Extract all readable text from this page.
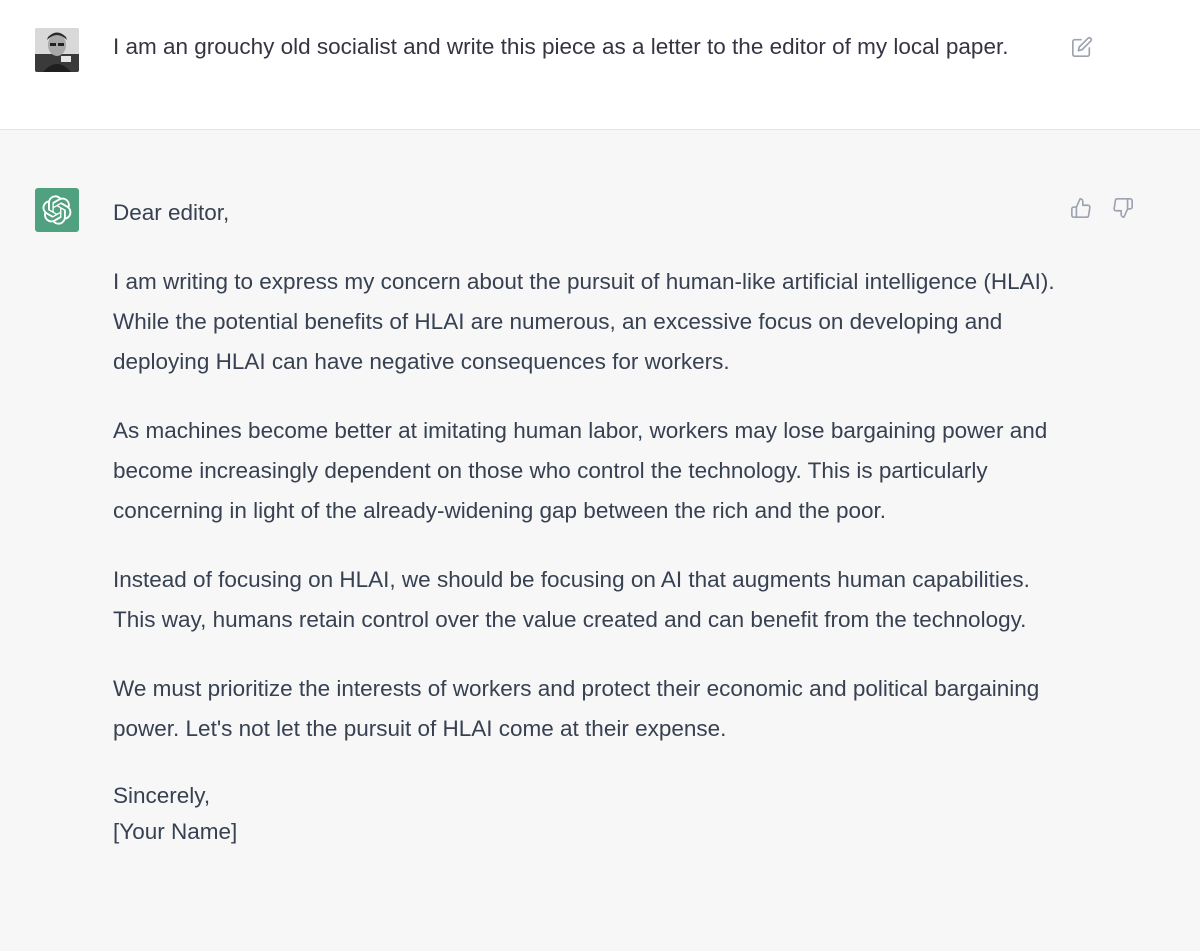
I am an grouchy old socialist and write this piece as a letter to the editor of my local paper.

Dear editor,

I am writing to express my concern about the pursuit of human-like artificial intelligence (HLAI). While the potential benefits of HLAI are numerous, an excessive focus on developing and deploying HLAI can have negative consequences for workers.

As machines become better at imitating human labor, workers may lose bargaining power and become increasingly dependent on those who control the technology. This is particularly concerning in light of the already-widening gap between the rich and the poor.

Instead of focusing on HLAI, we should be focusing on AI that augments human capabilities. This way, humans retain control over the value created and can benefit from the technology.

We must prioritize the interests of workers and protect their economic and political bargaining power. Let's not let the pursuit of HLAI come at their expense.

Sincerely,
[Your Name]
